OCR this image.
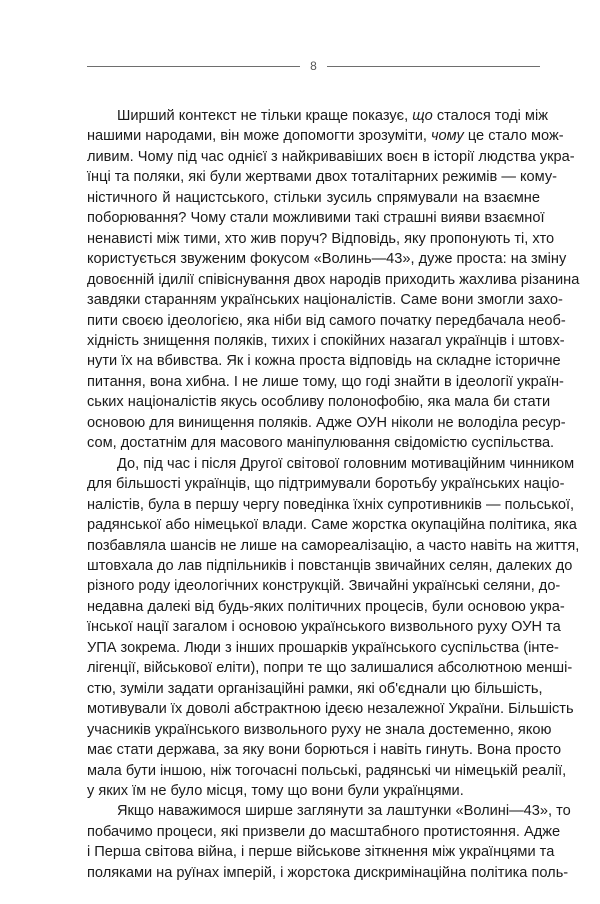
8
Ширший контекст не тільки краще показує, що сталося тоді між
нашими народами, він може допомогти зрозуміти, чому це стало мож-
ливим. Чому під час однієї з найкривавіших воєн в історії людства укра-
їнці та поляки, які були жертвами двох тоталітарних режимів — кому-
ністичного й нацистського, стільки зусиль спрямували на взаємне
поборювання? Чому стали можливими такі страшні вияви взаємної
ненависті між тими, хто жив поруч? Відповідь, яку пропонують ті, хто
користується звуженим фокусом «Волинь—43», дуже проста: на зміну
довоєнній ідилії співіснування двох народів приходить жахлива різанина
завдяки старанням українських націоналістів. Саме вони змогли захо-
пити своєю ідеологією, яка ніби від самого початку передбачала необ-
хідність знищення поляків, тихих і спокійних назагал українців і штовх-
нути їх на вбивства. Як і кожна проста відповідь на складне історичне
питання, вона хибна. І не лише тому, що годі знайти в ідеології україн-
ських націоналістів якусь особливу полонофобію, яка мала би стати
основою для винищення поляків. Адже ОУН ніколи не володіла ресур-
сом, достатнім для масового маніпулювання свідомістю суспільства.
До, під час і після Другої світової головним мотиваційним чинником
для більшості українців, що підтримували боротьбу українських націо-
налістів, була в першу чергу поведінка їхніх супротивників — польської,
радянської або німецької влади. Саме жорстка окупаційна політика, яка
позбавляла шансів не лише на самореалізацію, а часто навіть на життя,
штовхала до лав підпільників і повстанців звичайних селян, далеких до
різного роду ідеологічних конструкцій. Звичайні українські селяни, до-
недавна далекі від будь-яких політичних процесів, були основою укра-
їнської нації загалом і основою українського визвольного руху ОУН та
УПА зокрема. Люди з інших прошарків українського суспільства (інте-
лігенції, військової еліти), попри те що залишалися абсолютною менші-
стю, зуміли задати організаційні рамки, які об'єднали цю більшість,
мотивували їх доволі абстрактною ідеєю незалежної України. Більшість
учасників українського визвольного руху не знала достеменно, якою
має стати держава, за яку вони борються і навіть гинуть. Вона просто
мала бути іншою, ніж тогочасні польські, радянські чи німецькій реалії,
у яких їм не було місця, тому що вони були українцями.
Якщо наважимося ширше заглянути за лаштунки «Волині—43», то
побачимо процеси, які призвели до масштабного протистояння. Адже
і Перша світова війна, і перше військове зіткнення між українцями та
поляками на руїнах імперій, і жорстока дискримінаційна політика поль-
